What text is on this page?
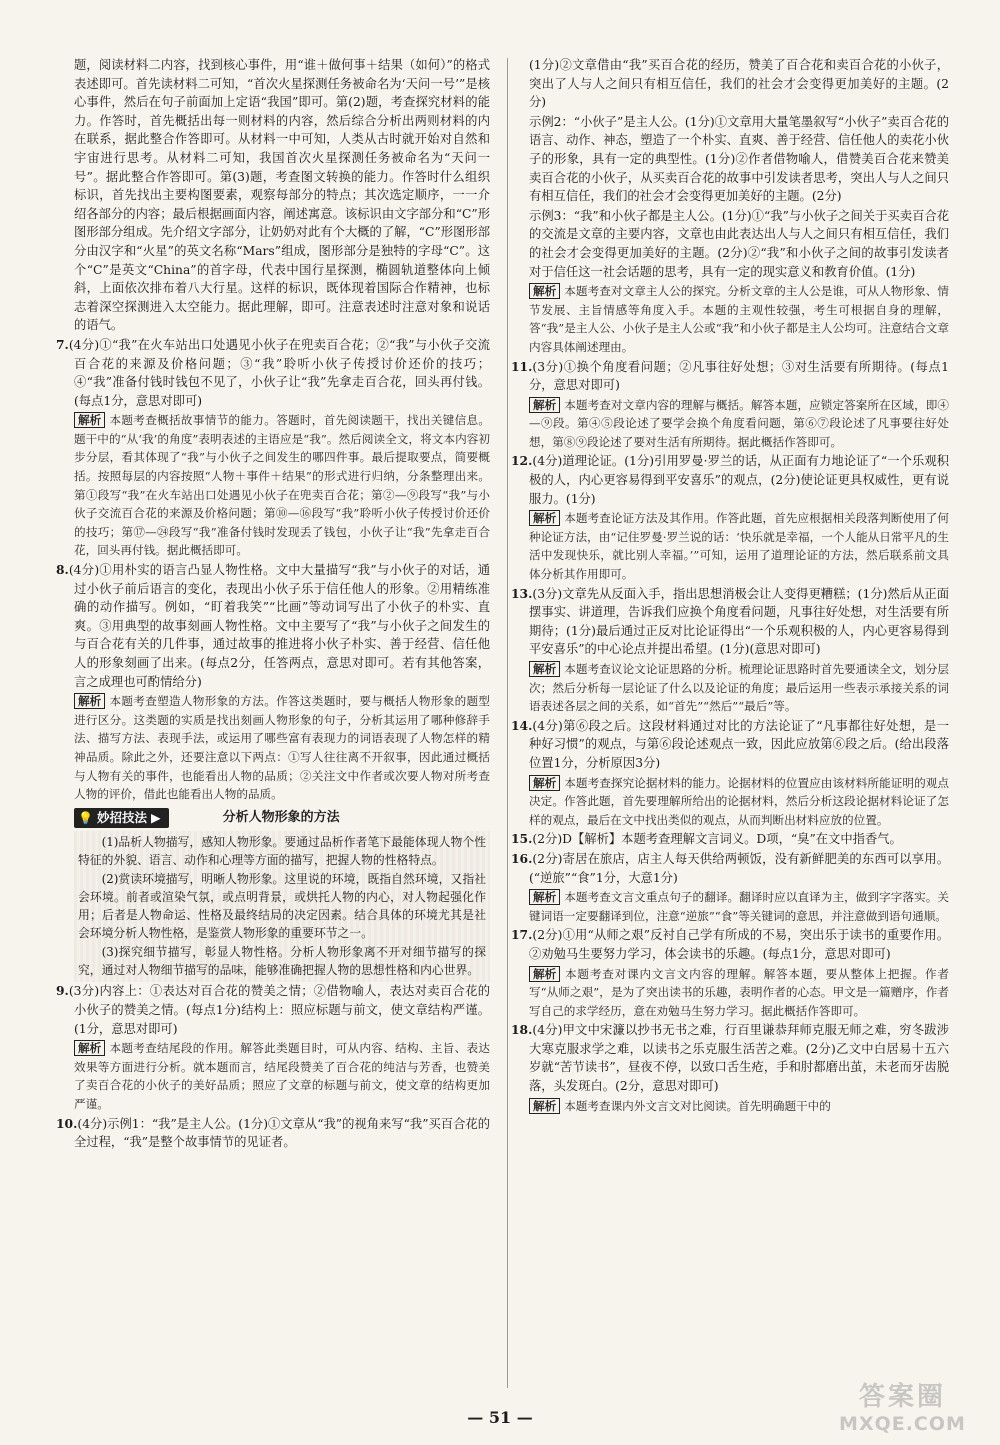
题，阅读材料二内容，找到核心事件，用“谁＋做何事＋结果（如何）”的格式表述即可。首先读材料二可知，“首次火星探测任务被命名为‘天问一号’”是核心事件，然后在句子前面加上定语“我国”即可。第(2)题，考查探究材料的能力。作答时，首先概括出每一则材料的内容，然后综合分析出两则材料的内在联系，据此整合作答即可。从材料一中可知，人类从古时就开始对自然和宇宙进行思考。从材料二可知，我国首次火星探测任务被命名为“天问一号”。据此整合作答即可。第(3)题，考查图文转换的能力。作答时什么组织标识，首先找出主要构图要素，观察每部分的特点；其次选定顺序，一一介绍各部分的内容；最后根据画面内容，阐述寓意。该标识由文字部分和“C”形图形部分组成。先介绍文字部分，让奶奶对此有个大概的了解，“C”形图形部分由汉字和“火星”的英文名称“Mars”组成，图形部分是独特的字母“C”。这个“C”是英文“China”的首字母，代表中国行星探测，椭圆轨道整体向上倾斜，上面依次排布着八大行星。这样的标识，既体现着国际合作精神，也标志着深空探测进入太空能力。据此理解，即可。注意表述时注意对象和说话的语气。

7.(4分)①“我”在火车站出口处遇见小伙子在兜卖百合花；②“我”与小伙子交流百合花的来源及价格问题；③“我”聆听小伙子传授讨价还价的技巧；④“我”准备付钱时钱包不见了，小伙子让“我”先拿走百合花，回头再付钱。(每点1分，意思对即可)

解析 本题考查概括故事情节的能力。答题时，首先阅读题干，找出关键信息。题干中的“从‘我’的角度”表明表述的主语应是“我”。然后阅读全文，将文本内容初步分层，看其体现了“我”与小伙子之间发生的哪四件事。最后提取要点，简要概括。按照每层的内容按照“人物＋事件＋结果”的形式进行归纳，分条整理出来。第①段写“我”在火车站出口处遇见小伙子在兜卖百合花；第②—⑨段写“我”与小伙子交流百合花的来源及价格问题；第⑩—⑯段写“我”聆听小伙子传授讨价还价的技巧；第⑰—㉔段写“我”准备付钱时发现丢了钱包，小伙子让“我”先拿走百合花，回头再付钱。据此概括即可。

8.(4分)①用朴实的语言凸显人物性格。文中大量描写“我”与小伙子的对话，通过小伙子前后语言的变化，表现出小伙子乐于信任他人的形象。②用精练准确的动作描写。例如，“盯着我笑”“比画”等动词写出了小伙子的朴实、直爽。③用典型的故事刻画人物性格。文中主要写了“我”与小伙子之间发生的与百合花有关的几件事，通过故事的推进将小伙子朴实、善于经营、信任他人的形象刻画了出来。(每点2分，任答两点，意思对即可。若有其他答案，言之成理也可酌情给分)

解析 本题考查塑造人物形象的方法。作答这类题时，要与概括人物形象的题型进行区分。这类题的实质是找出刻画人物形象的句子，分析其运用了哪种修辞手法、描写方法、表现手法，或运用了哪些富有表现力的词语表现了人物怎样的精神品质。除此之外，还要注意以下两点：①写人往往离不开叙事，因此通过概括与人物有关的事件，也能看出人物的品质；②关注文中作者或次要人物对所考查人物的评价，借此也能看出人物的品质。

💡 妙招技法 ▶	分析人物形象的方法

(1)品析人物描写，感知人物形象。要通过品析作者笔下最能体现人物个性特征的外貌、语言、动作和心理等方面的描写，把握人物的性格特点。

(2)赏读环境描写，明晰人物形象。这里说的环境，既指自然环境，又指社会环境。前者或渲染气氛，或点明背景，或烘托人物的内心，对人物起强化作用；后者是人物命运、性格及最终结局的决定因素。结合具体的环境尤其是社会环境分析人物性格，是鉴赏人物形象的重要环节之一。

(3)探究细节描写，彰显人物性格。分析人物形象离不开对细节描写的探究，通过对人物细节描写的品味，能够准确把握人物的思想性格和内心世界。

9.(3分)内容上：①表达对百合花的赞美之情；②借物喻人，表达对卖百合花的小伙子的赞美之情。(每点1分)结构上：照应标题与前文，使文章结构严谨。(1分，意思对即可)

解析 本题考查结尾段的作用。解答此类题目时，可从内容、结构、主旨、表达效果等方面进行分析。就本题而言，结尾段赞美了百合花的纯洁与芳香，也赞美了卖百合花的小伙子的美好品质；照应了文章的标题与前文，使文章的结构更加严谨。

10.(4分)示例1：“我”是主人公。(1分)①文章从“我”的视角来写“我”买百合花的全过程，“我”是整个故事情节的见证者。

(1分)②文章借由“我”买百合花的经历，赞美了百合花和卖百合花的小伙子，突出了人与人之间只有相互信任，我们的社会才会变得更加美好的主题。(2分)

示例2：“小伙子”是主人公。(1分)①文章用大量笔墨叙写“小伙子”卖百合花的语言、动作、神态，塑造了一个朴实、直爽、善于经营、信任他人的卖花小伙子的形象，具有一定的典型性。(1分)②作者借物喻人，借赞美百合花来赞美卖百合花的小伙子，从买卖百合花的故事中引发读者思考，突出人与人之间只有相互信任，我们的社会才会变得更加美好的主题。(2分)

示例3：“我”和小伙子都是主人公。(1分)①“我”与小伙子之间关于买卖百合花的交流是文章的主要内容，文章也由此表达出人与人之间只有相互信任，我们的社会才会变得更加美好的主题。(2分)②“我”和小伙子之间的故事引发读者对于信任这一社会话题的思考，具有一定的现实意义和教育价值。(1分)

解析 本题考查对文章主人公的探究。分析文章的主人公是谁，可从人物形象、情节发展、主旨情感等角度入手。本题的主观性较强，考生可根据自身的理解，答“我”是主人公、小伙子是主人公或“我”和小伙子都是主人公均可。注意结合文章内容具体阐述理由。

11.(3分)①换个角度看问题；②凡事往好处想；③对生活要有所期待。(每点1分，意思对即可)

解析 本题考查对文章内容的理解与概括。解答本题，应锁定答案所在区域，即④—⑨段。第④⑤段论述了要学会换个角度看问题，第⑥⑦段论述了凡事要往好处想，第⑧⑨段论述了要对生活有所期待。据此概括作答即可。

12.(4分)道理论证。(1分)引用罗曼·罗兰的话，从正面有力地论证了“一个乐观积极的人，内心更容易得到平安喜乐”的观点，(2分)使论证更具权威性，更有说服力。(1分)

解析 本题考查论证方法及其作用。作答此题，首先应根据相关段落判断使用了何种论证方法，由“记住罗曼·罗兰说的话：‘快乐就是幸福，一个人能从日常平凡的生活中发现快乐，就比别人幸福。’”可知，运用了道理论证的方法，然后联系前文具体分析其作用即可。

13.(3分)文章先从反面入手，指出思想消极会让人变得更糟糕；(1分)然后从正面摆事实、讲道理，告诉我们应换个角度看问题，凡事往好处想，对生活要有所期待；(1分)最后通过正反对比论证得出“一个乐观积极的人，内心更容易得到平安喜乐”的中心论点并提出希望。(1分)(意思对即可)

解析 本题考查议论文论证思路的分析。梳理论证思路时首先要通读全文，划分层次；然后分析每一层论证了什么以及论证的角度；最后运用一些表示承接关系的词语表述各层之间的关系，如“首先”“然后”“最后”等。

14.(4分)第⑥段之后。这段材料通过对比的方法论证了“凡事都往好处想，是一种好习惯”的观点，与第⑥段论述观点一致，因此应放第⑥段之后。(给出段落位置1分，分析原因3分)

解析 本题考查探究论据材料的能力。论据材料的位置应由该材料所能证明的观点决定。作答此题，首先要理解所给出的论据材料，然后分析这段论据材料论证了怎样的观点，最后在文中找出类似的观点，从而判断出材料应放的位置。

15.(2分)D【解析】本题考查理解文言词义。D项，“臭”在文中指香气。

16.(2分)寄居在旅店，店主人每天供给两顿饭，没有新鲜肥美的东西可以享用。(“逆旅”“食”1分，大意1分)

解析 本题考查文言文重点句子的翻译。翻译时应以直译为主，做到字字落实。关键词语一定要翻译到位，注意“逆旅”“食”等关键词的意思，并注意做到语句通顺。

17.(2分)①用“从师之艰”反衬自己学有所成的不易，突出乐于读书的重要作用。②劝勉马生要努力学习，体会读书的乐趣。(每点1分，意思对即可)

解析 本题考查对课内文言文内容的理解。解答本题，要从整体上把握。作者写“从师之艰”，是为了突出读书的乐趣，表明作者的心态。甲文是一篇赠序，作者写自己的求学经历，意在劝勉马生努力学习。据此概括作答即可。

18.(4分)甲文中宋濂以抄书无书之难，行百里谦恭拜师克服无师之难，穷冬跋涉大寒克服求学之难，以读书之乐克服生活苦之难。(2分)乙文中白居易十五六岁就“苦节读书”，昼夜不停，以致口舌生疮，手和肘都磨出茧，未老而牙齿脱落，头发斑白。(2分，意思对即可)

解析 本题考查课内外文言文对比阅读。首先明确题干中的

— 51 —
答案圈
MXQE.COM
